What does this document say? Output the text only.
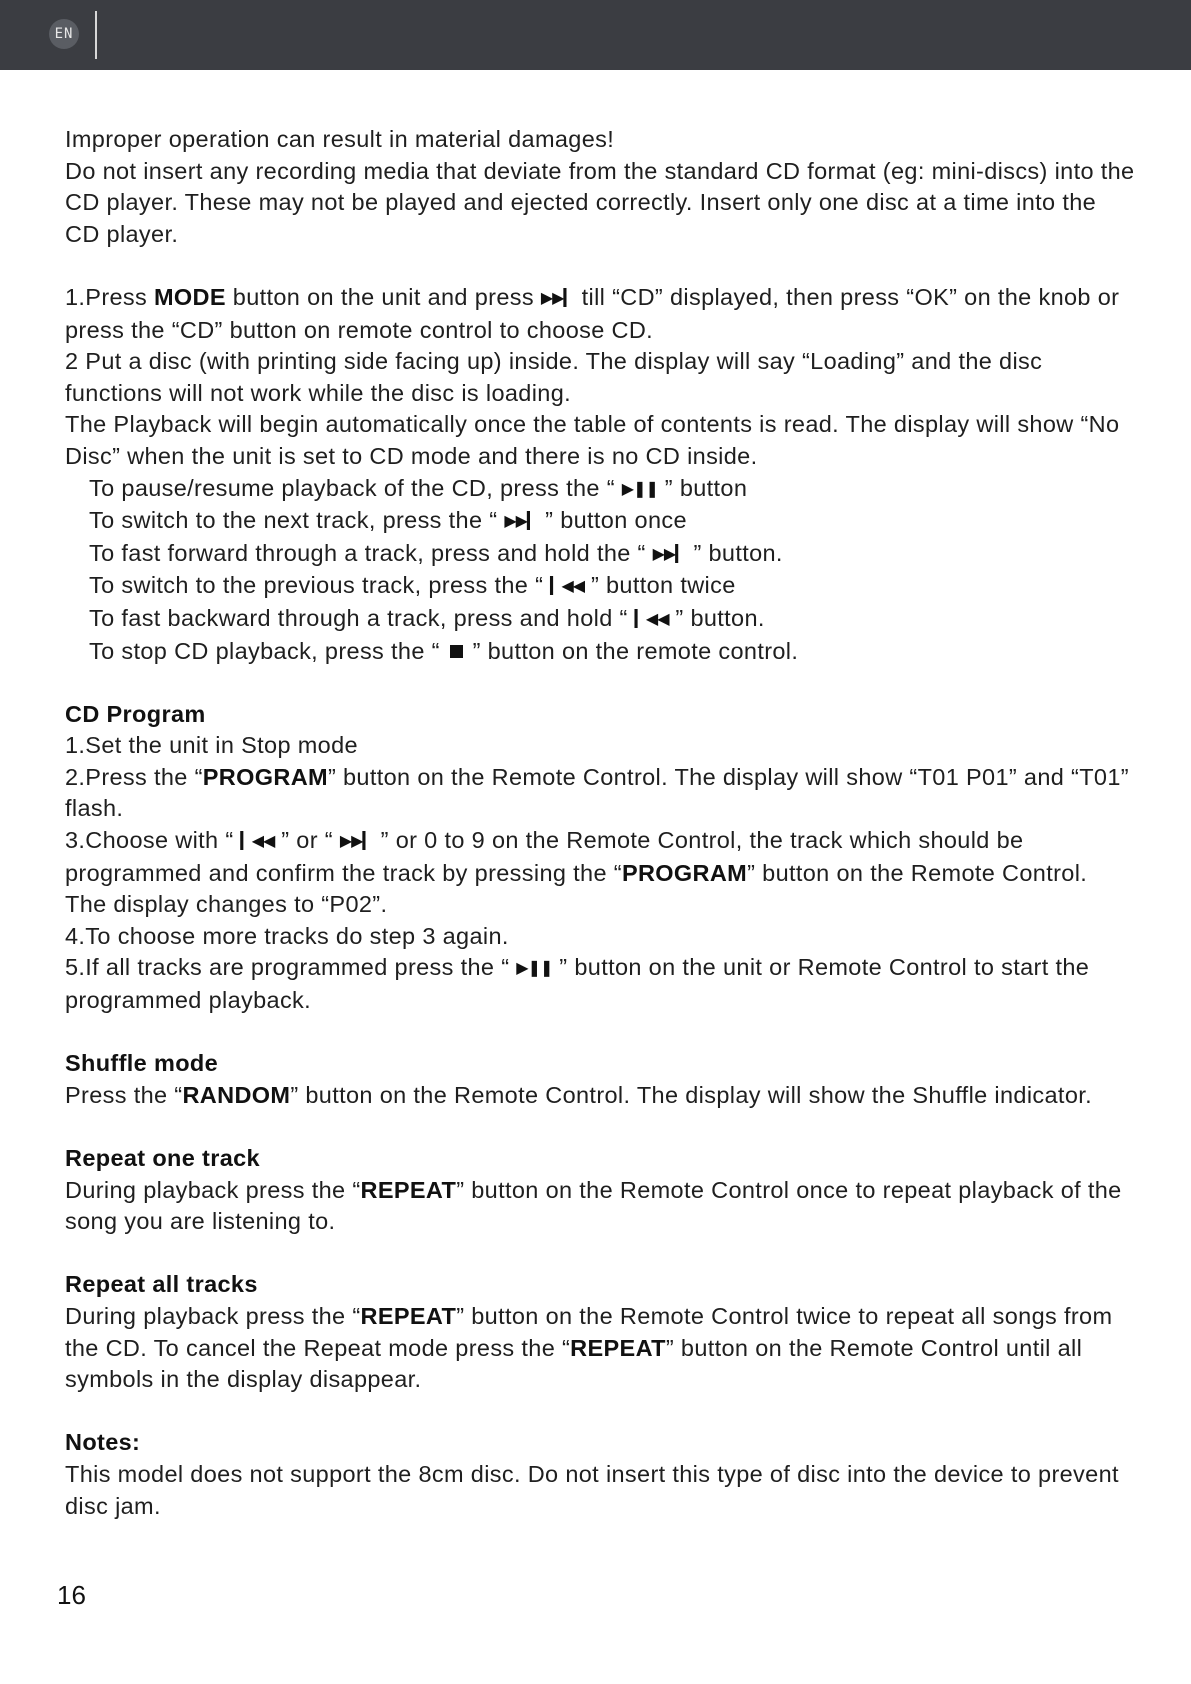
EN

Improper operation can result in material damages!

Do not insert any recording media that deviate from the standard CD format (eg: mini-discs) into the CD player. These may not be played and ejected correctly. Insert only one disc at a time into the CD player.

1.Press MODE button on the unit and press ▶▶▎ till “CD” displayed, then press “OK” on the knob or press the “CD” button on remote control to choose CD.

2 Put a disc (with printing side facing up) inside. The display will say “Loading” and the disc functions will not work while the disc is loading.

The Playback will begin automatically once the table of contents is read. The display will show “No Disc” when the unit is set to CD mode and there is no CD inside.

To pause/resume playback of the CD, press the “ ▶❚❚ ” button

To switch to the next track, press the “ ▶▶▎ ” button once

To fast forward through a track, press and hold the “ ▶▶▎ ” button.

To switch to the previous track, press the “ ▎◀◀ ” button twice

To fast backward through a track, press and hold “ ▎◀◀ ” button.

To stop CD playback, press the “ ” button on the remote control.

CD Program

1.Set the unit in Stop mode

2.Press the “PROGRAM” button on the Remote Control. The display will show “T01 P01” and “T01” flash.

3.Choose with “ ▎◀◀ ” or “ ▶▶▎ ” or 0 to 9 on the Remote Control, the track which should be programmed and confirm the track by pressing the “PROGRAM” button on the Remote Control. The display changes to “P02”.

4.To choose more tracks do step 3 again.

5.If all tracks are programmed press the “ ▶❚❚ ” button on the unit or Remote Control to start the programmed playback.

Shuffle mode

Press the “RANDOM” button on the Remote Control. The display will show the Shuffle indicator.

Repeat one track

During playback press the “REPEAT” button on the Remote Control once to repeat playback of the song you are listening to.

Repeat all tracks

During playback press the “REPEAT” button on the Remote Control twice to repeat all songs from the CD. To cancel the Repeat mode press the “REPEAT” button on the Remote Control until all symbols in the display disappear.

Notes:

This model does not support the 8cm disc. Do not insert this type of disc into the device to prevent disc jam.

16
